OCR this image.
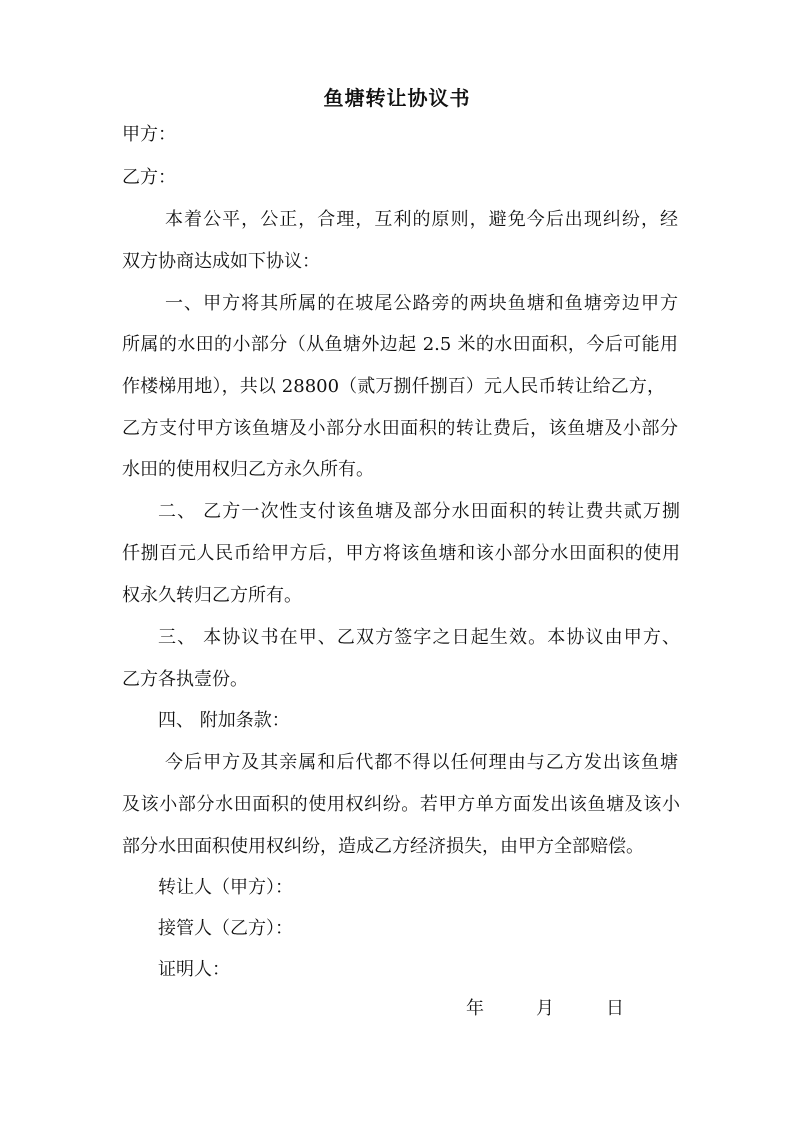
鱼塘转让协议书
甲方：
乙方：
本着公平，公正，合理，互利的原则，避免今后出现纠纷，经
双方协商达成如下协议：
一、甲方将其所属的在坡尾公路旁的两块鱼塘和鱼塘旁边甲方
所属的水田的小部分（从鱼塘外边起 2.5 米的水田面积，今后可能用
作楼梯用地），共以 28800（贰万捌仟捌百）元人民币转让给乙方，
乙方支付甲方该鱼塘及小部分水田面积的转让费后，该鱼塘及小部分
水田的使用权归乙方永久所有。
二、 乙方一次性支付该鱼塘及部分水田面积的转让费共贰万捌
仟捌百元人民币给甲方后，甲方将该鱼塘和该小部分水田面积的使用
权永久转归乙方所有。
三、 本协议书在甲、乙双方签字之日起生效。本协议由甲方、
乙方各执壹份。
四、 附加条款：
今后甲方及其亲属和后代都不得以任何理由与乙方发出该鱼塘
及该小部分水田面积的使用权纠纷。若甲方单方面发出该鱼塘及该小
部分水田面积使用权纠纷，造成乙方经济损失，由甲方全部赔偿。
转让人（甲方）：
接管人（乙方）：
证明人：
年	月	日
